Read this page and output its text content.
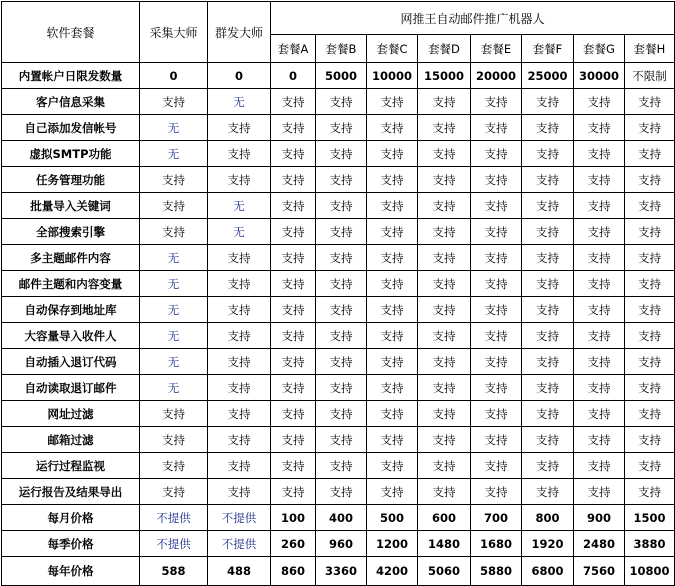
软件套餐	采集大师	群发大师	网推王自动邮件推广机器人							
			套餐A	套餐B	套餐C	套餐D	套餐E	套餐F	套餐G	套餐H
内置帐户日限发数量	0	0	0	5000	10000	15000	20000	25000	30000	不限制
客户信息采集	支持	无	支持	支持	支持	支持	支持	支持	支持	支持
自己添加发信帐号	无	支持	支持	支持	支持	支持	支持	支持	支持	支持
虚拟SMTP功能	无	支持	支持	支持	支持	支持	支持	支持	支持	支持
任务管理功能	支持	支持	支持	支持	支持	支持	支持	支持	支持	支持
批量导入关键词	支持	无	支持	支持	支持	支持	支持	支持	支持	支持
全部搜索引擎	支持	无	支持	支持	支持	支持	支持	支持	支持	支持
多主题邮件内容	无	支持	支持	支持	支持	支持	支持	支持	支持	支持
邮件主题和内容变量	无	支持	支持	支持	支持	支持	支持	支持	支持	支持
自动保存到地址库	无	支持	支持	支持	支持	支持	支持	支持	支持	支持
大容量导入收件人	无	支持	支持	支持	支持	支持	支持	支持	支持	支持
自动插入退订代码	无	支持	支持	支持	支持	支持	支持	支持	支持	支持
自动读取退订邮件	无	支持	支持	支持	支持	支持	支持	支持	支持	支持
网址过滤	支持	支持	支持	支持	支持	支持	支持	支持	支持	支持
邮箱过滤	支持	支持	支持	支持	支持	支持	支持	支持	支持	支持
运行过程监视	支持	支持	支持	支持	支持	支持	支持	支持	支持	支持
运行报告及结果导出	支持	支持	支持	支持	支持	支持	支持	支持	支持	支持
每月价格	不提供	不提供	100	400	500	600	700	800	900	1500
每季价格	不提供	不提供	260	960	1200	1480	1680	1920	2480	3880
每年价格	588	488	860	3360	4200	5060	5880	6800	7560	10800
